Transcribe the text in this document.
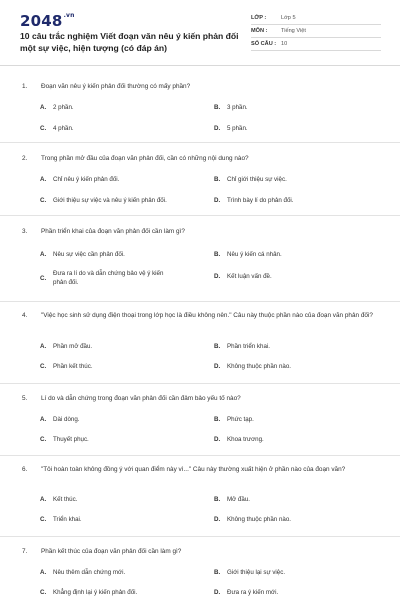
$2048^{.vn}$
10 câu trắc nghiệm Viết đoạn văn nêu ý kiến phản đối một sự việc, hiện tượng (có đáp án)
LỚP :	Lớp 5
MÔN :	Tiếng Việt
SỐ CÂU : 10
1.	Đoạn văn nêu ý kiến phản đối thường có mấy phần?
A.	2 phần.	B.	3 phần.
C.	4 phần.	D.	5 phần.
2.	Trong phần mở đầu của đoạn văn phản đối, cần có những nội dung nào?
A.	Chỉ nêu ý kiến phản đối.	B.	Chỉ giới thiệu sự việc.
C.	Giới thiệu sự việc và nêu ý kiến phản đối.	D.	Trình bày lí do phản đối.
3.	Phần triển khai của đoạn văn phản đối cần làm gì?
A.	Nêu sự việc cần phản đối.	B.	Nêu ý kiến cá nhân.
C.
Đưa ra lí do và dẫn chứng bảo vệ ý kiến phản đối.
D.	Kết luận vấn đề.
4.	"Việc học sinh sử dụng điện thoại trong lớp học là điều không nên." Câu này thuộc phần nào của đoạn văn phản đối?
A.	Phần mở đầu.	B.	Phần triển khai.
C.	Phần kết thúc.	D.	Không thuộc phần nào.
5.	Lí do và dẫn chứng trong đoạn văn phản đối cần đảm bảo yếu tố nào?
A.	Dài dòng.	B.	Phức tạp.
C.	Thuyết phục.	D.	Khoa trương.
6.	"Tôi hoàn toàn không đồng ý với quan điểm này vì..." Câu này thường xuất hiện ở phần nào của đoạn văn?
A.	Kết thúc.	B.	Mở đầu.
C.	Triển khai.	D.	Không thuộc phần nào.
7.	Phần kết thúc của đoạn văn phản đối cần làm gì?
A.	Nêu thêm dẫn chứng mới.	B.	Giới thiệu lại sự việc.
C.	Khẳng định lại ý kiến phản đối.	D.	Đưa ra ý kiến mới.
